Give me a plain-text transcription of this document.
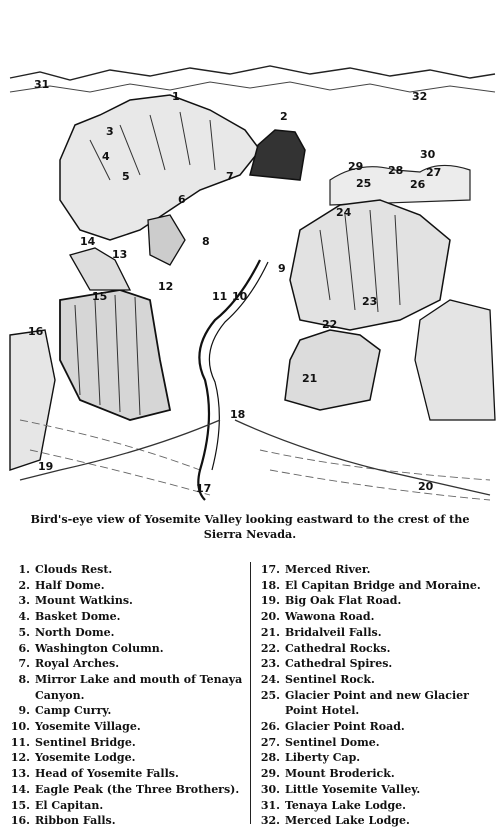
1
2
3
4
5
6
7
8
9
10
11
12
13
14
15
16
17
18
19
20
21
22
23
24
25	26
27
28
29
30
31
32
Bird's-eye view of Yosemite Valley looking eastward to the crest of the Sierra Nevada.
1. Clouds Rest.
2. Half Dome.
3. Mount Watkins.
4. Basket Dome.
5. North Dome.
6. Washington Column.
7. Royal Arches.
8. Mirror Lake and mouth of Tenaya Canyon.
9. Camp Curry.
10. Yosemite Village.
11. Sentinel Bridge.
12. Yosemite Lodge.
13. Head of Yosemite Falls.
14. Eagle Peak (the Three Brothers).
15. El Capitan.
16. Ribbon Falls.
17. Merced River.
18. El Capitan Bridge and Moraine.
19. Big Oak Flat Road.
20. Wawona Road.
21. Bridalveil Falls.
22. Cathedral Rocks.
23. Cathedral Spires.
24. Sentinel Rock.
25. Glacier Point and new Glacier Point Hotel.
26. Glacier Point Road.
27. Sentinel Dome.
28. Liberty Cap.
29. Mount Broderick.
30. Little Yosemite Valley.
31. Tenaya Lake Lodge.
32. Merced Lake Lodge.
